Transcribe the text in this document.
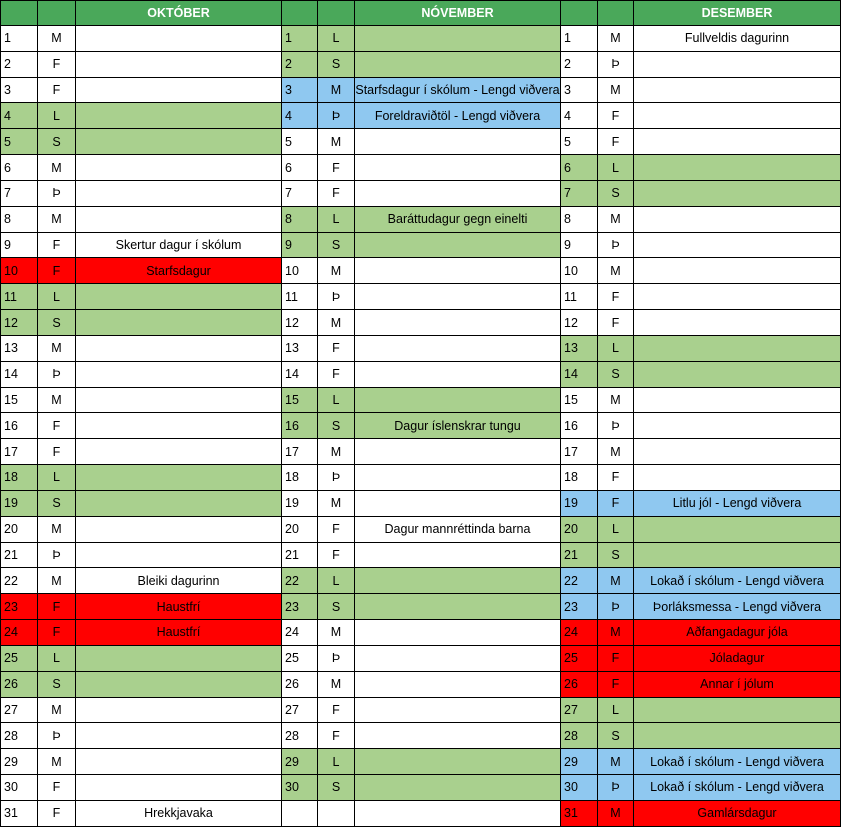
		OKTÓBER			NÓVEMBER			DESEMBER
1	M		1	L		1	M	Fullveldis dagurinn
2	F		2	S		2	Þ	
3	F		3	M	Starfsdagur í skólum - Lengd viðvera	3	M	
4	L		4	Þ	Foreldraviðtöl - Lengd viðvera	4	F	
5	S		5	M		5	F	
6	M		6	F		6	L	
7	Þ		7	F		7	S	
8	M		8	L	Baráttudagur gegn einelti	8	M	
9	F	Skertur dagur í skólum	9	S		9	Þ	
10	F	Starfsdagur	10	M		10	M	
11	L		11	Þ		11	F	
12	S		12	M		12	F	
13	M		13	F		13	L	
14	Þ		14	F		14	S	
15	M		15	L		15	M	
16	F		16	S	Dagur íslenskrar tungu	16	Þ	
17	F		17	M		17	M	
18	L		18	Þ		18	F	
19	S		19	M		19	F	Litlu jól - Lengd viðvera
20	M		20	F	Dagur mannréttinda barna	20	L	
21	Þ		21	F		21	S	
22	M	Bleiki dagurinn	22	L		22	M	Lokað í skólum - Lengd viðvera
23	F	Haustfrí	23	S		23	Þ	Þorláksmessa - Lengd viðvera
24	F	Haustfrí	24	M		24	M	Aðfangadagur jóla
25	L		25	Þ		25	F	Jóladagur
26	S		26	M		26	F	Annar í jólum
27	M		27	F		27	L	
28	Þ		28	F		28	S	
29	M		29	L		29	M	Lokað í skólum - Lengd viðvera
30	F		30	S		30	Þ	Lokað í skólum - Lengd viðvera
31	F	Hrekkjavaka				31	M	Gamlársdagur
